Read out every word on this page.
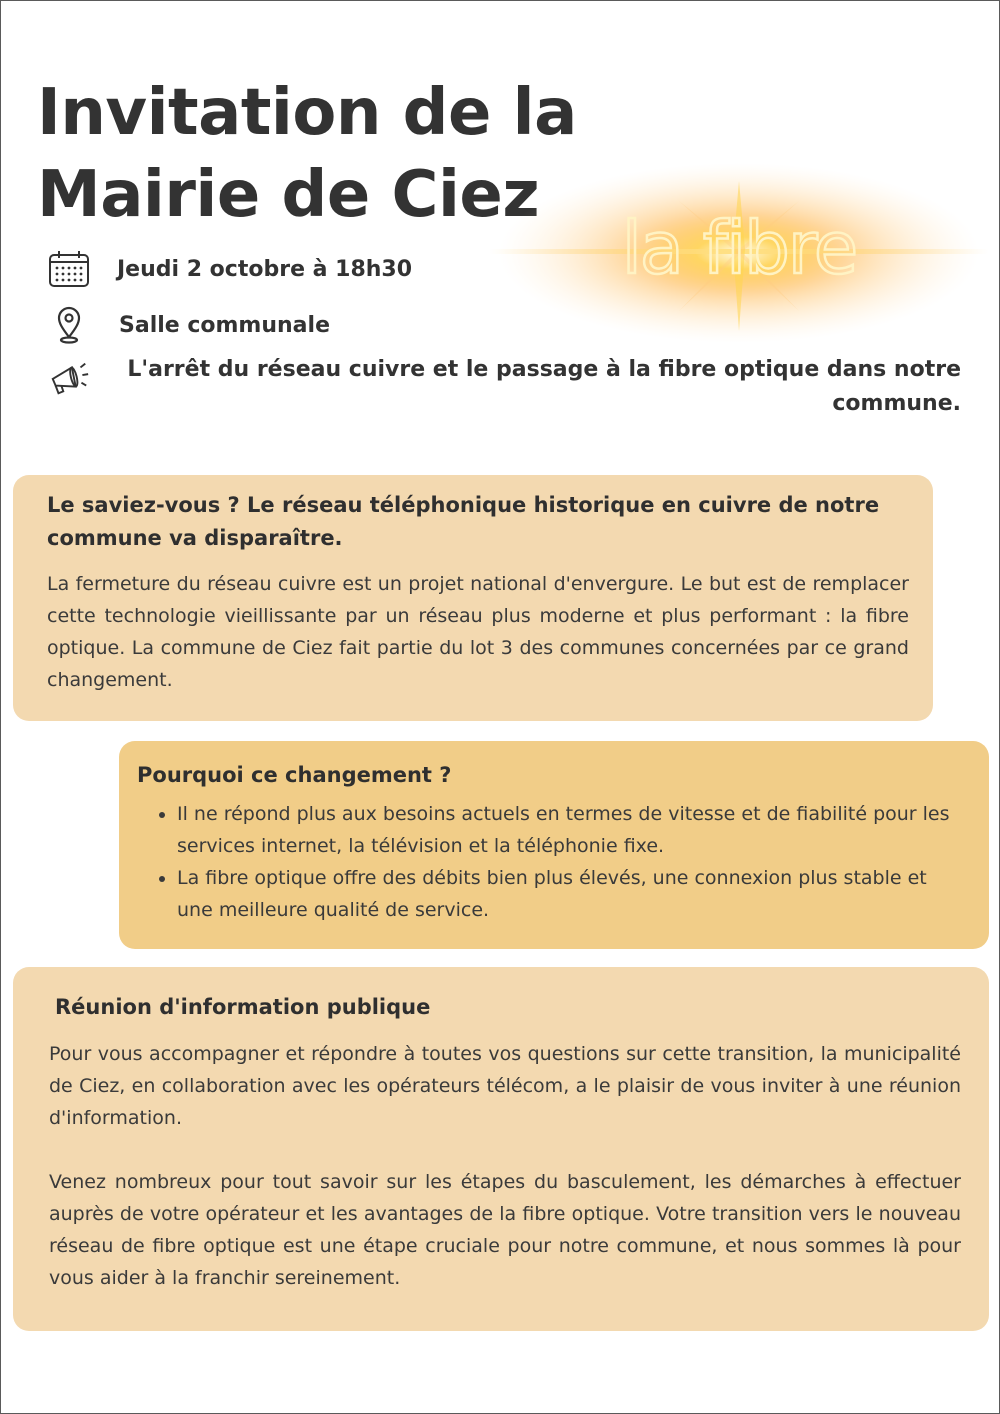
Invitation de la
Mairie de Ciez
la fibre
Jeudi 2 octobre à 18h30
Salle communale
L'arrêt du réseau cuivre et le passage à la fibre optique dans notre commune.

Le saviez-vous ? Le réseau téléphonique historique en cuivre de notre commune va disparaître.

La fermeture du réseau cuivre est un projet national d'envergure. Le but est de remplacer cette technologie vieillissante par un réseau plus moderne et plus performant : la fibre optique. La commune de Ciez fait partie du lot 3 des communes concernées par ce grand changement.

Pourquoi ce changement ?

• Il ne répond plus aux besoins actuels en termes de vitesse et de fiabilité pour les services internet, la télévision et la téléphonie fixe.
• La fibre optique offre des débits bien plus élevés, une connexion plus stable et une meilleure qualité de service.

Réunion d'information publique

Pour vous accompagner et répondre à toutes vos questions sur cette transition, la municipalité de Ciez, en collaboration avec les opérateurs télécom, a le plaisir de vous inviter à une réunion d'information.

Venez nombreux pour tout savoir sur les étapes du basculement, les démarches à effectuer auprès de votre opérateur et les avantages de la fibre optique. Votre transition vers le nouveau réseau de fibre optique est une étape cruciale pour notre commune, et nous sommes là pour vous aider à la franchir sereinement.
